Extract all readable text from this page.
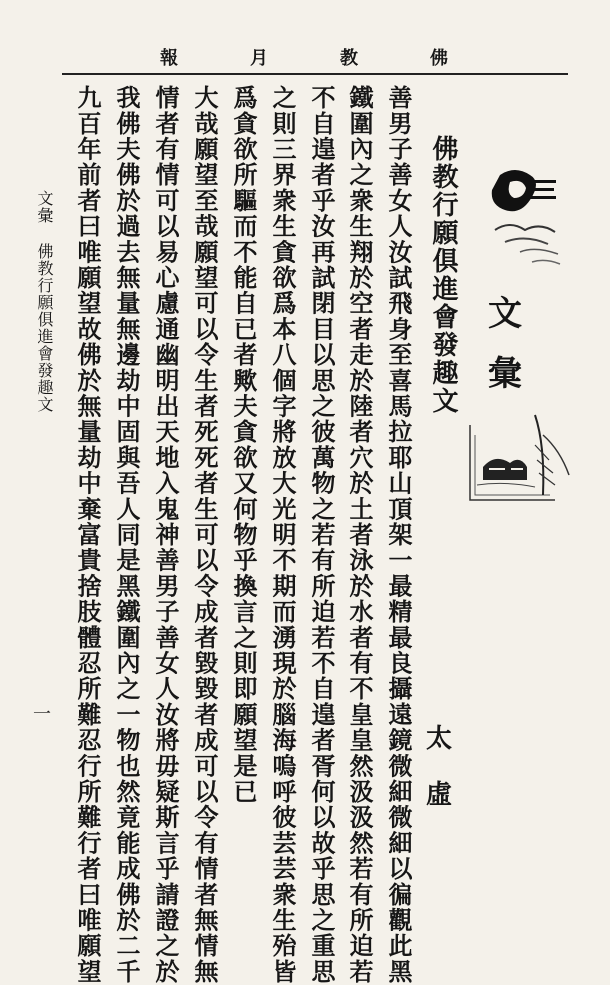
報	月	教	佛
佛教行願俱進會發趣文
太
虛
文
彙
善男子善女人汝試飛身至喜馬拉耶山頂架一最精最良攝遠鏡微細微細以徧觀此黑
鐵圍內之衆生翔於空者走於陸者穴於土者泳於水者有不皇皇然汲汲然若有所迫若
不自遑者乎汝再試閉目以思之彼萬物之若有所迫若不自遑者胥何以故乎思之重思
之則三界衆生貪欲爲本八個字將放大光明不期而湧現於腦海嗚呼彼芸芸衆生殆皆
爲貪欲所驅而不能自已者歟夫貪欲又何物乎換言之則即願望是已
大哉願望至哉願望可以令生者死死者生可以令成者毀毀者成可以令有情者無情無
情者有情可以易心慮通幽明出天地入鬼神善男子善女人汝將毋疑斯言乎請證之於
我佛夫佛於過去無量無邊劫中固與吾人同是黑鐵圍內之一物也然竟能成佛於二千
九百年前者曰唯願望故佛於無量劫中棄富貴捨肢體忍所難忍行所難行者曰唯願望
文彙
佛教行願俱進會發趣文
一
